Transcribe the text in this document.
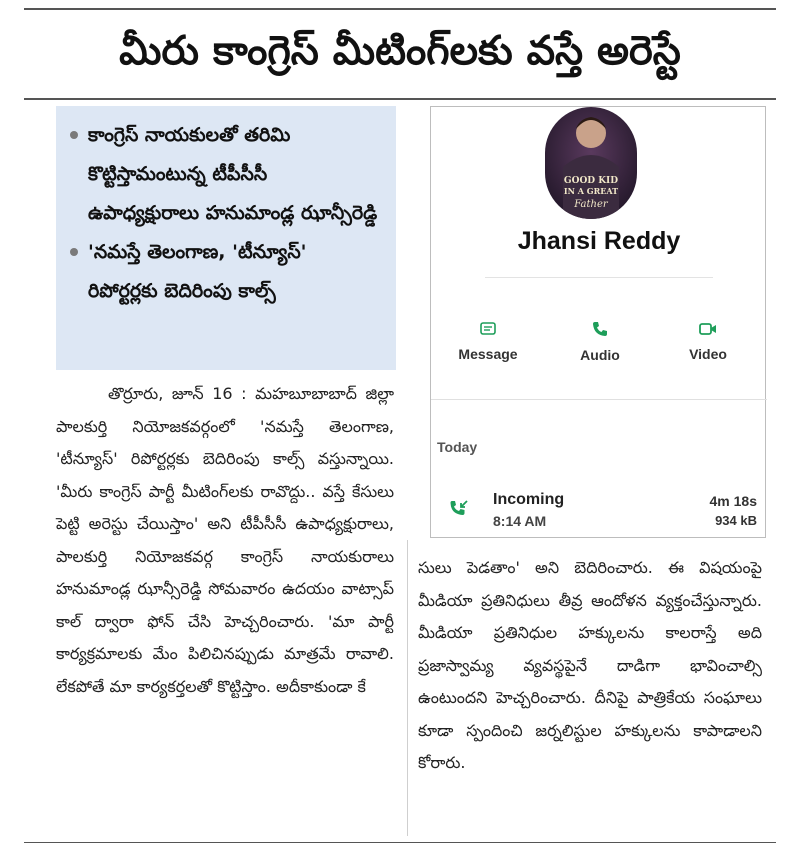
మీరు కాంగ్రెస్ మీటింగ్‌లకు వస్తే అరెస్టే
కాంగ్రెస్ నాయకులతో తరిమి కొట్టిస్తామంటున్న టీపీసీసీ ఉపాధ్యక్షురాలు హనుమాండ్ల ఝాన్సీరెడ్డి
'నమస్తే తెలంగాణ, 'టీన్యూస్' రిపోర్టర్లకు బెదిరింపు కాల్స్
తొర్రూరు, జూన్ 16 : మహబూబాబాద్ జిల్లా పాలకుర్తి నియోజకవర్గంలో 'నమస్తే తెలంగాణ, 'టీన్యూస్' రిపోర్టర్లకు బెదిరింపు కాల్స్ వస్తున్నాయి. 'మీరు కాంగ్రెస్ పార్టీ మీటింగ్‌లకు రావొద్దు.. వస్తే కేసులు పెట్టి అరెస్టు చేయిస్తాం' అని టీపీసీసీ ఉపాధ్యక్షురాలు, పాలకుర్తి నియోజకవర్గ కాంగ్రెస్ నాయకురాలు హనుమాండ్ల ఝాన్సీరెడ్డి సోమవారం ఉదయం వాట్సాప్ కాల్ ద్వారా ఫోన్ చేసి హెచ్చరించారు. 'మా పార్టీ కార్యక్రమాలకు మేం పిలిచినప్పుడు మాత్రమే రావాలి. లేకపోతే మా కార్యకర్తలతో కొట్టిస్తాం. అదీకాకుండా కే
GOOD KID
IN A GREAT
Father
Jhansi Reddy
Message	Audio	Video
Today
Incoming
8:14 AM
4m 18s
934 kB
సులు పెడతాం' అని బెదిరించారు. ఈ విషయంపై మీడియా ప్రతినిధులు తీవ్ర ఆందోళన వ్యక్తంచేస్తున్నారు. మీడియా ప్రతినిధుల హక్కులను కాలరాస్తే అది ప్రజాస్వామ్య వ్యవస్థపైనే దాడిగా భావించాల్సి ఉంటుందని హెచ్చరించారు. దీనిపై పాత్రికేయ సంఘాలు కూడా స్పందించి జర్నలిస్టుల హక్కులను కాపాడాలని కోరారు.
